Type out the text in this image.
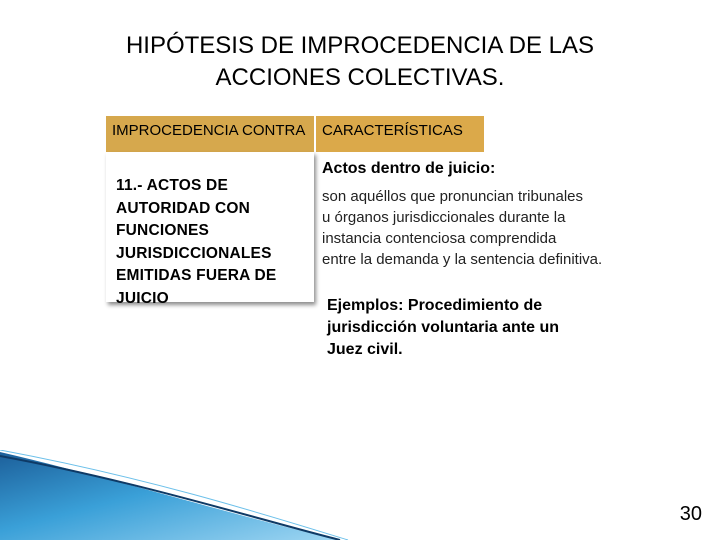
HIPÓTESIS DE IMPROCEDENCIA DE LAS
ACCIONES COLECTIVAS.
IMPROCEDENCIA CONTRA	CARACTERÍSTICAS
11.- ACTOS DE
AUTORIDAD CON
FUNCIONES
JURISDICCIONALES
EMITIDAS FUERA DE
JUICIO
Actos dentro de juicio:
son aquéllos que pronuncian tribunales
u órganos jurisdiccionales durante la
instancia contenciosa comprendida
entre la demanda y la sentencia definitiva.
Ejemplos: Procedimiento de
jurisdicción voluntaria ante un
Juez civil.
30
